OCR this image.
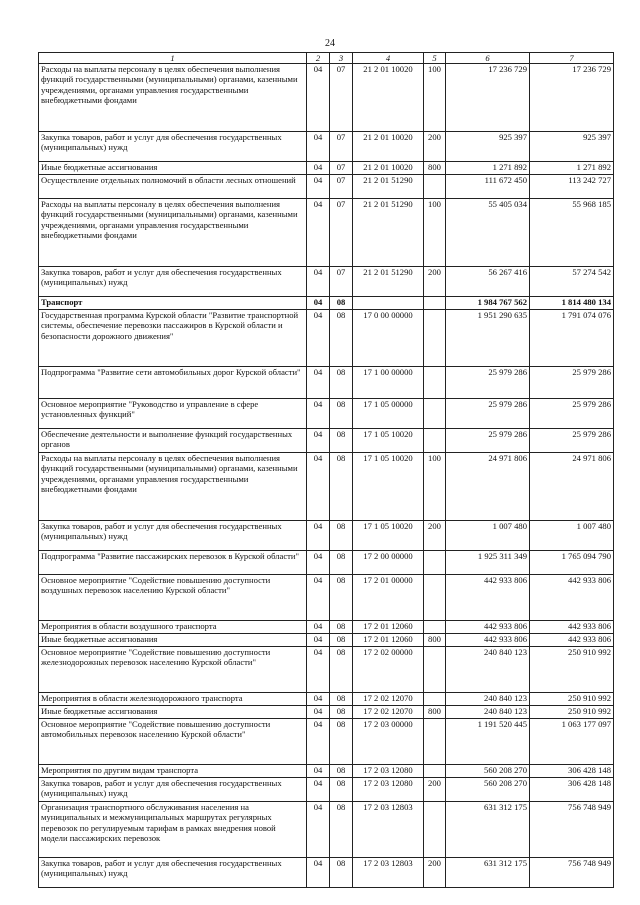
24
1	2	3	4	5	6	7
Расходы на выплаты персоналу в целях обеспечения выполнения функций государственными (муниципальными) органами, казенными учреждениями, органами управления государственными внебюджетными фондами	04	07	21 2 01 10020	100	17 236 729	17 236 729
Закупка товаров, работ и услуг для обеспечения государственных (муниципальных) нужд	04	07	21 2 01 10020	200	925 397	925 397
Иные бюджетные ассигнования	04	07	21 2 01 10020	800	1 271 892	1 271 892
Осуществление отдельных полномочий в области лесных отношений	04	07	21 2 01 51290		111 672 450	113 242 727
Расходы на выплаты персоналу в целях обеспечения выполнения функций государственными (муниципальными) органами, казенными учреждениями, органами управления государственными внебюджетными фондами	04	07	21 2 01 51290	100	55 405 034	55 968 185
Закупка товаров, работ и услуг для обеспечения государственных (муниципальных) нужд	04	07	21 2 01 51290	200	56 267 416	57 274 542
Транспорт	04	08			1 984 767 562	1 814 480 134
Государственная программа Курской области "Развитие транспортной системы, обеспечение перевозки пассажиров в Курской области и безопасности дорожного движения"	04	08	17 0 00 00000		1 951 290 635	1 791 074 076
Подпрограмма "Развитие сети автомобильных дорог Курской области"	04	08	17 1 00 00000		25 979 286	25 979 286
Основное мероприятие "Руководство и управление в сфере установленных функций"	04	08	17 1 05 00000		25 979 286	25 979 286
Обеспечение деятельности и выполнение функций государственных органов	04	08	17 1 05 10020		25 979 286	25 979 286
Расходы на выплаты персоналу в целях обеспечения выполнения функций государственными (муниципальными) органами, казенными учреждениями, органами управления государственными внебюджетными фондами	04	08	17 1 05 10020	100	24 971 806	24 971 806
Закупка товаров, работ и услуг для обеспечения государственных (муниципальных) нужд	04	08	17 1 05 10020	200	1 007 480	1 007 480
Подпрограмма "Развитие пассажирских перевозок в Курской области"	04	08	17 2 00 00000		1 925 311 349	1 765 094 790
Основное мероприятие "Содействие повышению доступности воздушных перевозок населению Курской области"	04	08	17 2 01 00000		442 933 806	442 933 806
Мероприятия в области воздушного транспорта	04	08	17 2 01 12060		442 933 806	442 933 806
Иные бюджетные ассигнования	04	08	17 2 01 12060	800	442 933 806	442 933 806
Основное мероприятие "Содействие повышению доступности железнодорожных перевозок населению Курской области"	04	08	17 2 02 00000		240 840 123	250 910 992
Мероприятия в области железнодорожного транспорта	04	08	17 2 02 12070		240 840 123	250 910 992
Иные бюджетные ассигнования	04	08	17 2 02 12070	800	240 840 123	250 910 992
Основное мероприятие "Содействие повышению доступности автомобильных перевозок населению Курской области"	04	08	17 2 03 00000		1 191 520 445	1 063 177 097
Мероприятия по другим видам транспорта	04	08	17 2 03 12080		560 208 270	306 428 148
Закупка товаров, работ и услуг для обеспечения государственных (муниципальных) нужд	04	08	17 2 03 12080	200	560 208 270	306 428 148
Организация транспортного обслуживания населения на муниципальных и межмуниципальных маршрутах регулярных перевозок по регулируемым тарифам в рамках внедрения новой модели пассажирских перевозок	04	08	17 2 03 12803		631 312 175	756 748 949
Закупка товаров, работ и услуг для обеспечения государственных (муниципальных) нужд	04	08	17 2 03 12803	200	631 312 175	756 748 949
